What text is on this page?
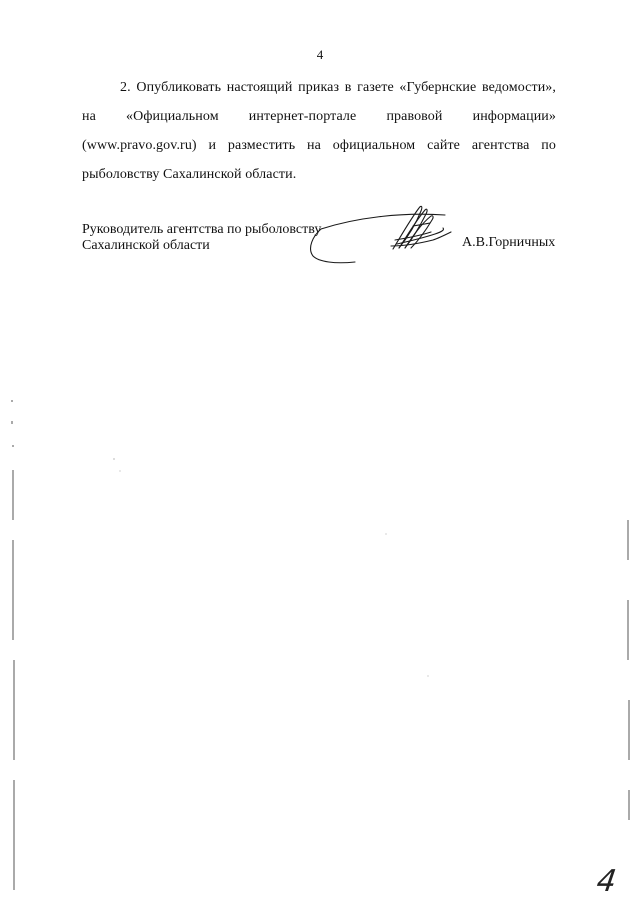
4
2. Опубликовать настоящий приказ в газете «Губернские ведомости»,
на «Официальном интернет-портале правовой информации»
(www.pravo.gov.ru) и разместить на официальном сайте агентства по
рыболовству Сахалинской области.
Руководитель агентства по рыболовству
Сахалинской области	А.В.Горничных
4
